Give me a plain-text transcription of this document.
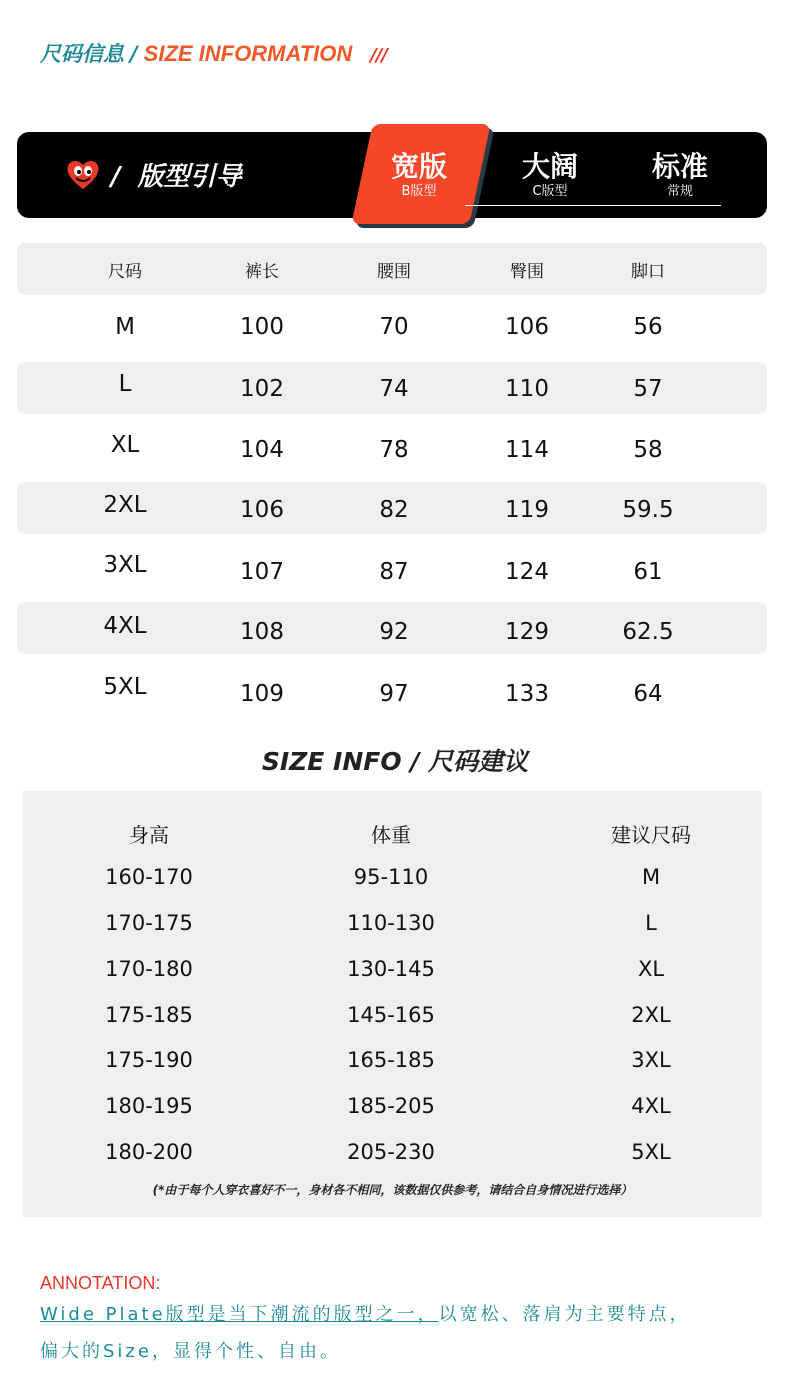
尺码信息 / SIZE INFORMATION ///
/ 版型引导	宽版
B版型
大阔
C版型
标准
常规
尺码	裤长	腰围	臀围	脚口
M	100	70	106	56
L	102	74	110	57
XL	104	78	114	58
2XL	106	82	119	59.5
3XL	107	87	124	61
4XL	108	92	129	62.5
5XL	109	97	133	64
SIZE INFO / 尺码建议
身高	体重	建议尺码
160-170	95-110	M
170-175	110-130	L
170-180	130-145	XL
175-185	145-165	2XL
175-190	165-185	3XL
180-195	185-205	4XL
180-200	205-230	5XL
(*由于每个人穿衣喜好不一，身材各不相同，该数据仅供参考，请结合自身情况进行选择）
ANNOTATION:
Wide Plate版型是当下潮流的版型之一，以宽松、落肩为主要特点，
偏大的Size，显得个性、自由。
